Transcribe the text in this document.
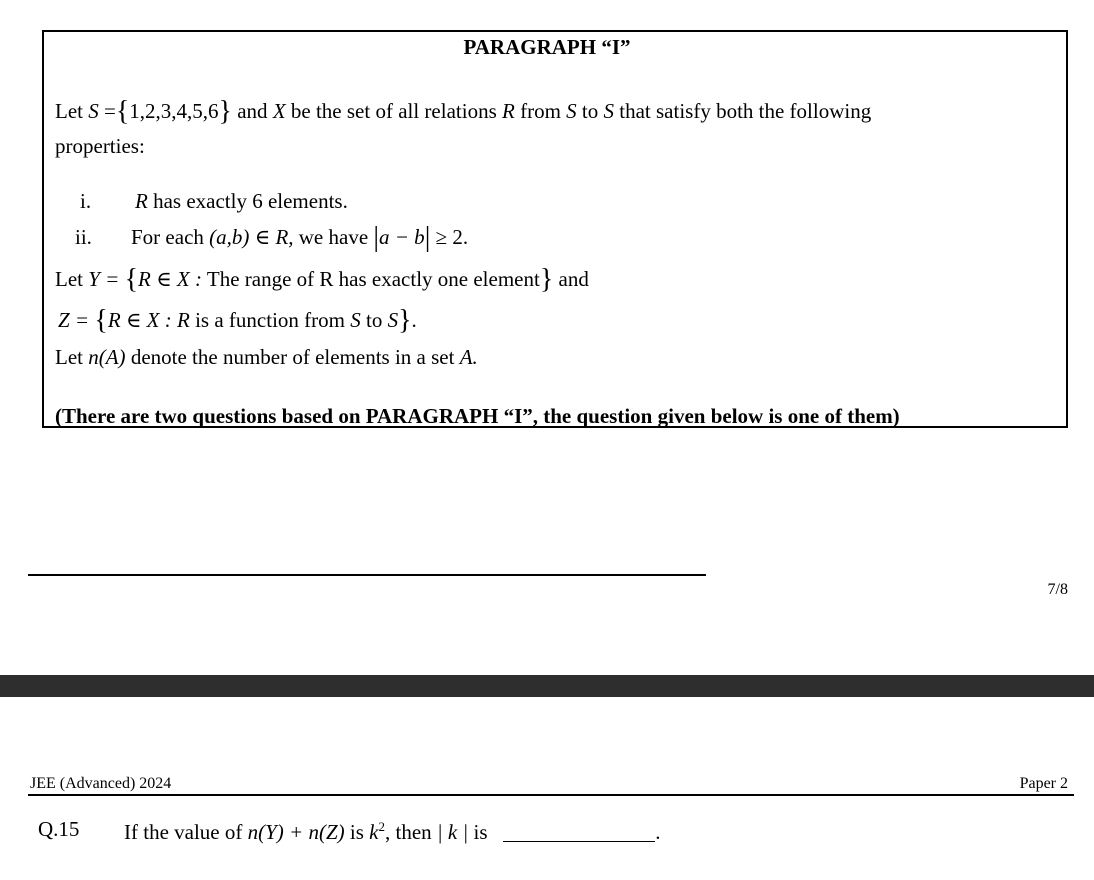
PARAGRAPH “I”
Let S ={1,2,3,4,5,6} and X be the set of all relations R from S to S that satisfy both the following
properties:
i. R has exactly 6 elements.
ii. For each (a,b) ∈ R, we have |a − b| ≥ 2.
Let Y = {R ∈ X : The range of R has exactly one element} and
Z = {R ∈ X : R is a function from S to S}.
Let n(A) denote the number of elements in a set A.
(There are two questions based on PARAGRAPH “I”, the question given below is one of them)
7/8
JEE (Advanced) 2024	Paper 2
Q.15 If the value of n(Y) + n(Z) is $k^2$, then | k | is	.
